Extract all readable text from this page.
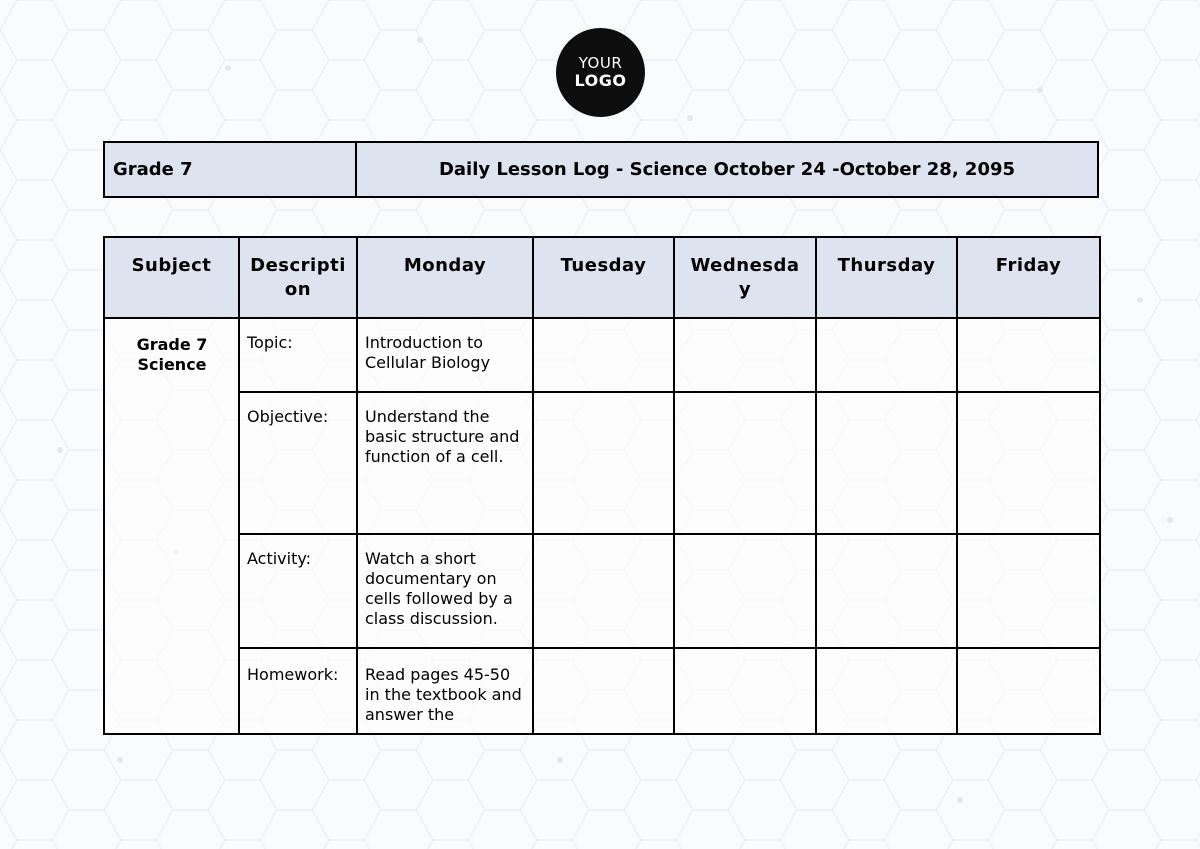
YOUR
LOGO
Grade 7	Daily Lesson Log - Science October 24 -October 28, 2095
Subject	Descripti on	Monday	Tuesday	Wednesda y	Thursday	Friday
Grade 7 Science	Topic:	Introduction to Cellular Biology				
	Objective:	Understand the basic structure and function of a cell.				
	Activity:	Watch a short documentary on cells followed by a class discussion.				
	Homework:	Read pages 45-50 in the textbook and answer the				
